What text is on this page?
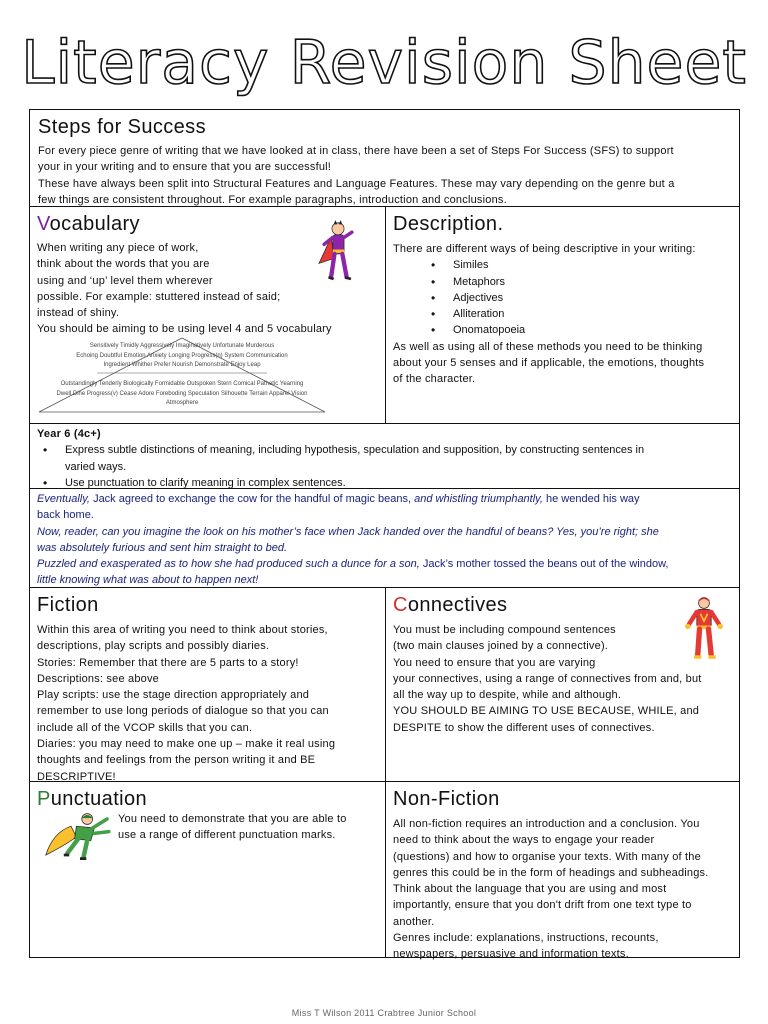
Literacy Revision Sheet

Steps for Success

For every piece genre of writing that we have looked at in class, there have been a set of Steps For Success (SFS) to support

your in your writing and to ensure that you are successful!

These have always been split into Structural Features and Language Features. These may vary depending on the genre but a

few things are consistent throughout. For example paragraphs, introduction and conclusions.

Vocabulary

When writing any piece of work,

think about the words that you are

using and ‘up’ level them wherever

possible. For example: stuttered instead of said;

instead of shiny.

You should be aiming to be using level 4 and 5 vocabulary

Sensitively Timidly Aggressively Imaginatively Unfortunate Murderous
Echoing Doubtful Emotion Anxiety Longing Progress(n) System Communication
Ingredient Whither Prefer Nourish Demonstrate Enjoy Leap
Outstandingly Tenderly Biologically Formidable Outspoken Stern Comical Pathetic Yearning
Dwell Dine Progress(v) Cease Adore Foreboding Speculation Silhouette Terrain Apparel Vision
Atmosphere

Description.

There are different ways of being descriptive in your writing:

• Similes
• Metaphors
• Adjectives
• Alliteration
• Onomatopoeia

As well as using all of these methods you need to be thinking

about your 5 senses and if applicable, the emotions, thoughts

of the character.

Year 6 (4c+)

• Express subtle distinctions of meaning, including hypothesis, speculation and supposition, by constructing sentences in
varied ways.
• Use punctuation to clarify meaning in complex sentences.

Eventually, Jack agreed to exchange the cow for the handful of magic beans, and whistling triumphantly, he wended his way

back home.

Now, reader, can you imagine the look on his mother’s face when Jack handed over the handful of beans? Yes, you’re right; she

was absolutely furious and sent him straight to bed.

Puzzled and exasperated as to how she had produced such a dunce for a son, Jack’s mother tossed the beans out of the window,

little knowing what was about to happen next!

Fiction

Within this area of writing you need to think about stories,

descriptions, play scripts and possibly diaries.

Stories: Remember that there are 5 parts to a story!

Descriptions: see above

Play scripts: use the stage direction appropriately and

remember to use long periods of dialogue so that you can

include all of the VCOP skills that you can.

Diaries: you may need to make one up – make it real using

thoughts and feelings from the person writing it and BE

DESCRIPTIVE!

Connectives

You must be including compound sentences

(two main clauses joined by a connective).

You need to ensure that you are varying

your connectives, using a range of connectives from and, but

all the way up to despite, while and although.

YOU SHOULD BE AIMING TO USE BECAUSE, WHILE, and

DESPITE to show the different uses of connectives.

Punctuation

You need to demonstrate that you are able to

use a range of different punctuation marks.

Non-Fiction

All non-fiction requires an introduction and a conclusion. You

need to think about the ways to engage your reader

(questions) and how to organise your texts. With many of the

genres this could be in the form of headings and subheadings.

Think about the language that you are using and most

importantly, ensure that you don't drift from one text type to

another.

Genres include: explanations, instructions, recounts,

newspapers, persuasive and information texts.

Miss T Wilson 2011 Crabtree Junior School
